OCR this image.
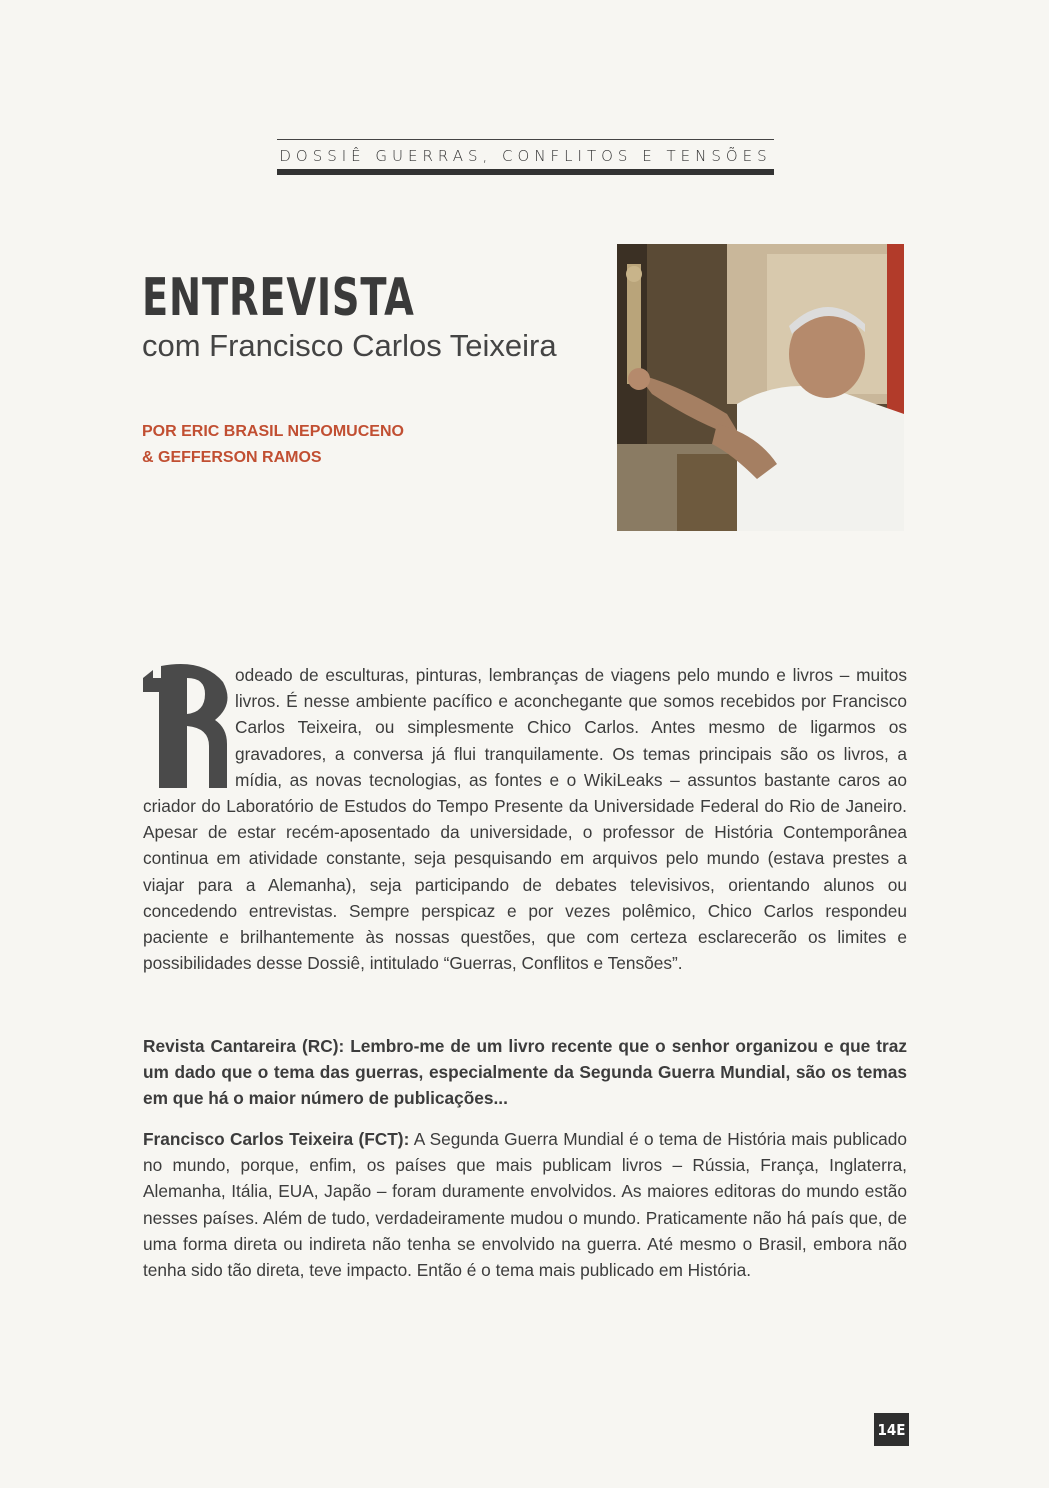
DOSSIÊ GUERRAS, CONFLITOS E TENSÕES
ENTREVISTA
com Francisco Carlos Teixeira
POR ERIC BRASIL NEPOMUCENO
& GEFFERSON RAMOS

odeado de esculturas, pinturas, lembranças de viagens pelo mundo e livros – muitos livros. É nesse ambiente pacífico e aconchegante que somos recebidos por Francisco Carlos Teixeira, ou simplesmente Chico Carlos. Antes mesmo de ligarmos os gravadores, a conversa já flui tranquilamente. Os temas principais são os livros, a mídia, as novas tecnologias, as fontes e o WikiLeaks – assuntos bastante caros ao criador do Laboratório de Estudos do Tempo Presente da Universidade Federal do Rio de Janeiro. Apesar de estar recém-aposentado da universidade, o professor de História Contemporânea continua em atividade constante, seja pesquisando em arquivos pelo mundo (estava prestes a viajar para a Alemanha), seja participando de debates televisivos, orientando alunos ou concedendo entrevistas. Sempre perspicaz e por vezes polêmico, Chico Carlos respondeu paciente e brilhantemente às nossas questões, que com certeza esclarecerão os limites e possibilidades desse Dossiê, intitulado “Guerras, Conflitos e Tensões”.

Revista Cantareira (RC): Lembro-me de um livro recente que o senhor organizou e que traz um dado que o tema das guerras, especialmente da Segunda Guerra Mundial, são os temas em que há o maior número de publicações...

Francisco Carlos Teixeira (FCT): A Segunda Guerra Mundial é o tema de História mais publicado no mundo, porque, enfim, os países que mais publicam livros – Rússia, França, Inglaterra, Alemanha, Itália, EUA, Japão – foram duramente envolvidos. As maiores editoras do mundo estão nesses países. Além de tudo, verdadeiramente mudou o mundo. Praticamente não há país que, de uma forma direta ou indireta não tenha se envolvido na guerra. Até mesmo o Brasil, embora não tenha sido tão direta, teve impacto. Então é o tema mais publicado em História.

14E
